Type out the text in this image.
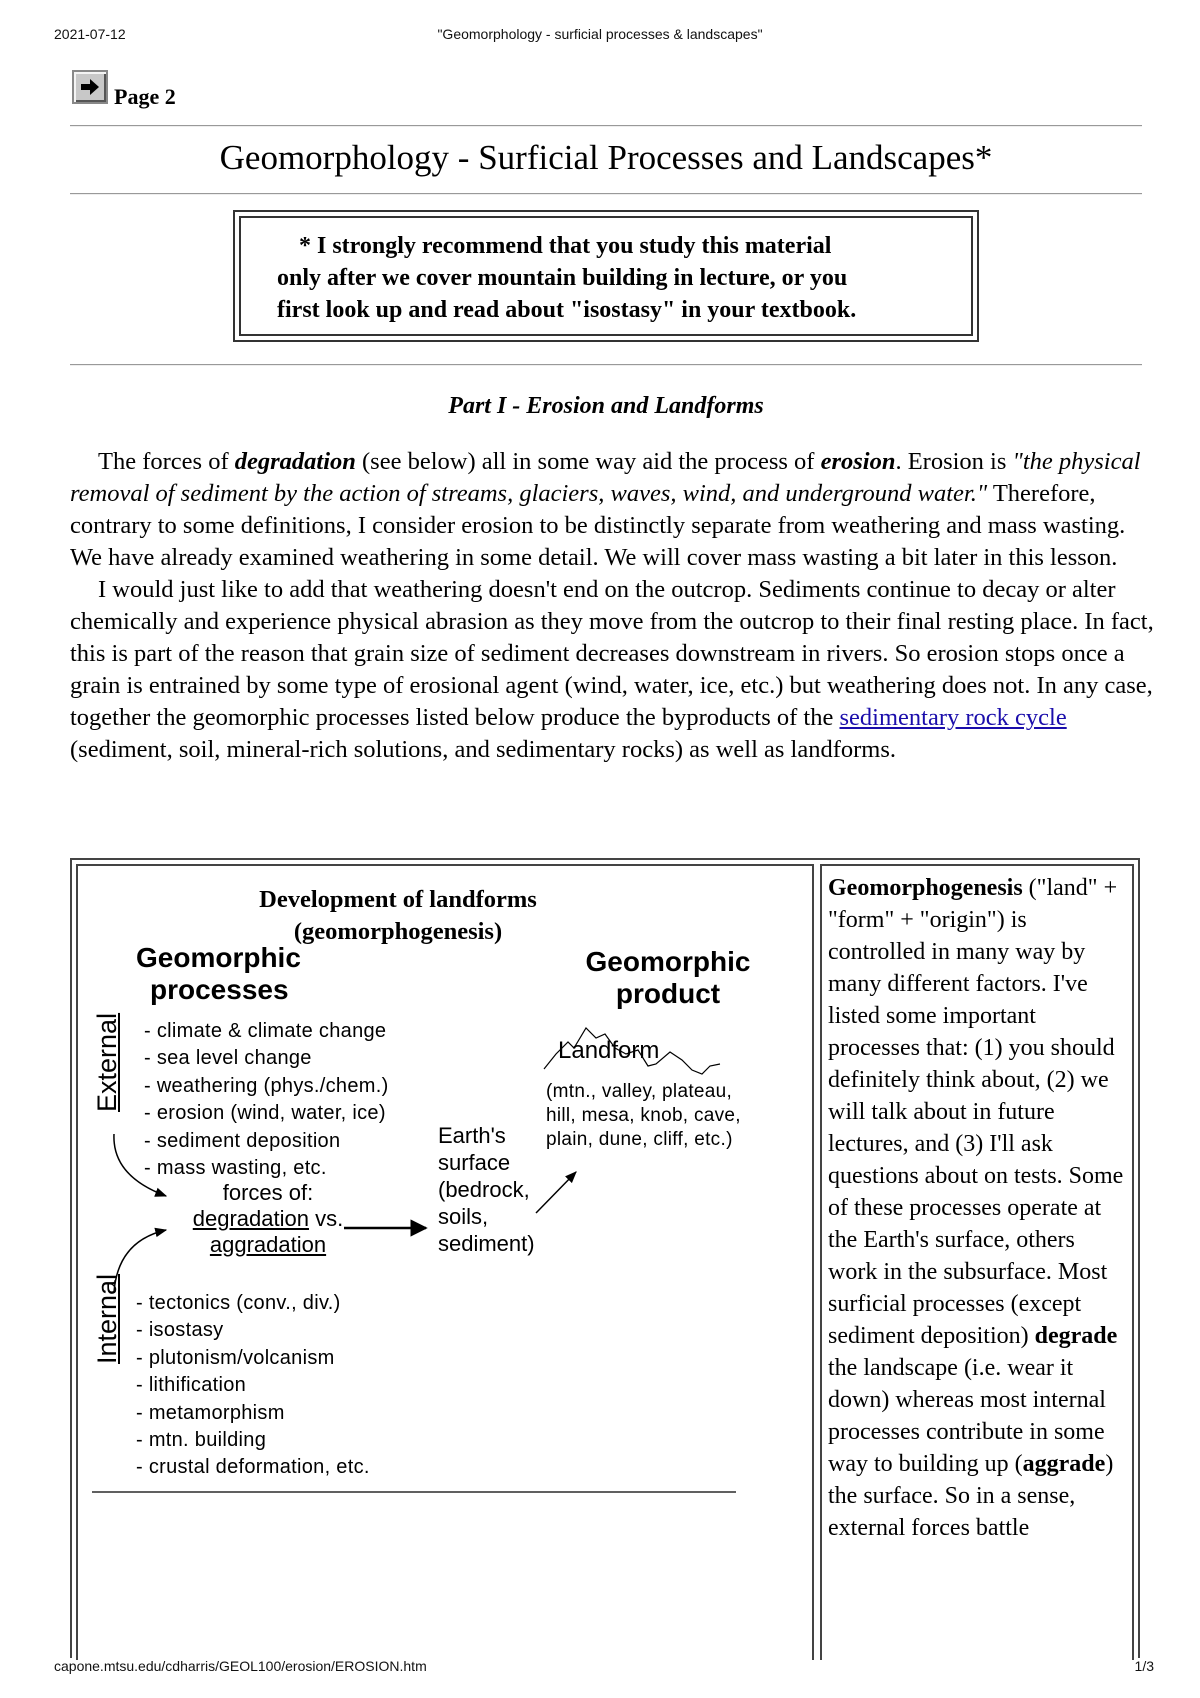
2021-07-12	"Geomorphology - surficial processes & landscapes"
Page 2
Geomorphology - Surficial Processes and Landscapes*
* I strongly recommend that you study this material
only after we cover mountain building in lecture, or you
first look up and read about "isostasy" in your textbook.
Part I - Erosion and Landforms

The forces of degradation (see below) all in some way aid the process of erosion. Erosion is "the physical removal of sediment by the action of streams, glaciers, waves, wind, and underground water." Therefore, contrary to some definitions, I consider erosion to be distinctly separate from weathering and mass wasting. We have already examined weathering in some detail. We will cover mass wasting a bit later in this lesson.

I would just like to add that weathering doesn't end on the outcrop. Sediments continue to decay or alter chemically and experience physical abrasion as they move from the outcrop to their final resting place. In fact, this is part of the reason that grain size of sediment decreases downstream in rivers. So erosion stops once a grain is entrained by some type of erosional agent (wind, water, ice, etc.) but weathering does not. In any case, together the geomorphic processes listed below produce the byproducts of the sedimentary rock cycle (sediment, soil, mineral-rich solutions, and sedimentary rocks) as well as landforms.

Development of landforms
(geomorphogenesis)
Geomorphic
processes
Geomorphic
product
External - climate & climate change
- sea level change
- weathering (phys./chem.)
- erosion (wind, water, ice)
- sediment deposition
- mass wasting, etc.
forces of:
degradation vs.
aggradation
Earth's
surface
(bedrock,
soils,
sediment)
Landform
(mtn., valley, plateau,
hill, mesa, knob, cave,
plain, dune, cliff, etc.)
Internal - tectonics (conv., div.)
- isostasy
- plutonism/volcanism
- lithification
- metamorphism
- mtn. building
- crustal deformation, etc.
Geomorphogenesis ("land" + "form" + "origin") is controlled in many way by many different factors. I've listed some important processes that: (1) you should definitely think about, (2) we will talk about in future lectures, and (3) I'll ask questions about on tests. Some of these processes operate at the Earth's surface, others work in the subsurface. Most surficial processes (except sediment deposition) degrade the landscape (i.e. wear it down) whereas most internal processes contribute in some way to building up (aggrade) the surface. So in a sense, external forces battle
capone.mtsu.edu/cdharris/GEOL100/erosion/EROSION.htm	1/3
